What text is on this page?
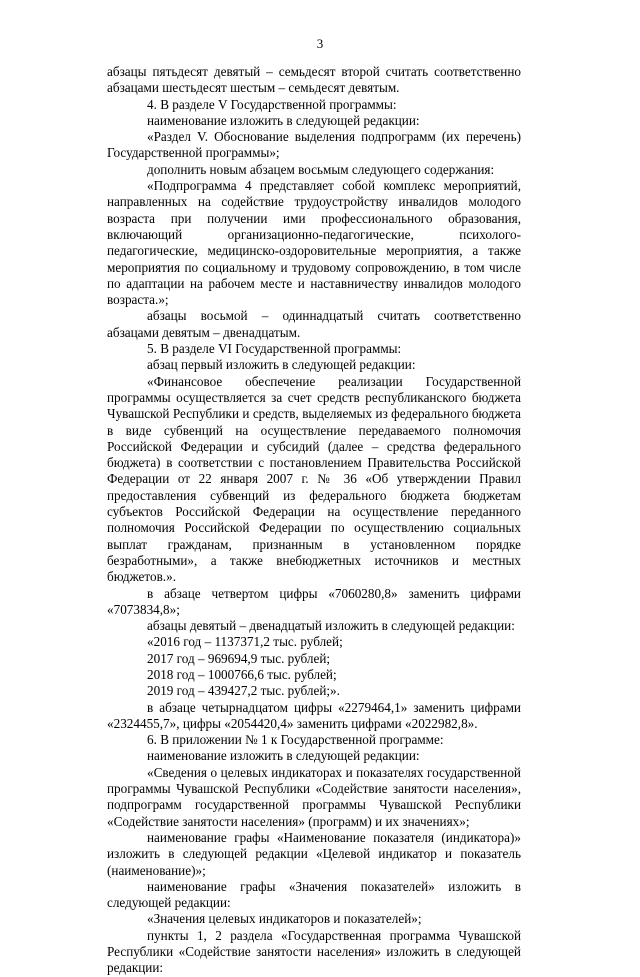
3

абзацы пятьдесят девятый – семьдесят второй считать соответственно абзацами шестьдесят шестым – семьдесят девятым.

4. В разделе V Государственной программы:

наименование изложить в следующей редакции:

«Раздел V. Обоснование выделения подпрограмм (их перечень) Государственной программы»;

дополнить новым абзацем восьмым следующего содержания:

«Подпрограмма 4 представляет собой комплекс мероприятий, направленных на содействие трудоустройству инвалидов молодого возраста при получении ими профессионального образования, включающий организационно-педагогические, психолого-педагогические, медицинско-оздоровительные мероприятия, а также мероприятия по социальному и трудовому сопровождению, в том числе по адаптации на рабочем месте и наставничеству инвалидов молодого возраста.»;

абзацы восьмой – одиннадцатый считать соответственно абзацами девятым – двенадцатым.

5. В разделе VI Государственной программы:

абзац первый изложить в следующей редакции:

«Финансовое обеспечение реализации Государственной программы осуществляется за счет средств республиканского бюджета Чувашской Республики и средств, выделяемых из федерального бюджета в виде субвенций на осуществление передаваемого полномочия Российской Федерации и субсидий (далее – средства федерального бюджета) в соответствии с постановлением Правительства Российской Федерации от 22 января 2007 г. № 36 «Об утверждении Правил предоставления субвенций из федерального бюджета бюджетам субъектов Российской Федерации на осуществление переданного полномочия Российской Федерации по осуществлению социальных выплат гражданам, признанным в установленном порядке безработными», а также внебюджетных источников и местных бюджетов.».

в абзаце четвертом цифры «7060280,8» заменить цифрами «7073834,8»;

абзацы девятый – двенадцатый изложить в следующей редакции:

«2016 год – 1137371,2 тыс. рублей;

2017 год – 969694,9 тыс. рублей;

2018 год – 1000766,6 тыс. рублей;

2019 год – 439427,2 тыс. рублей;».

в абзаце четырнадцатом цифры «2279464,1» заменить цифрами «2324455,7», цифры «2054420,4» заменить цифрами «2022982,8».

6. В приложении № 1 к Государственной программе:

наименование изложить в следующей редакции:

«Сведения о целевых индикаторах и показателях государственной программы Чувашской Республики «Содействие занятости населения», подпрограмм государственной программы Чувашской Республики «Содействие занятости населения» (программ) и их значениях»;

наименование графы «Наименование показателя (индикатора)» изложить в следующей редакции «Целевой индикатор и показатель (наименование)»;

наименование графы «Значения показателей» изложить в следующей редакции:

«Значения целевых индикаторов и показателей»;

пункты 1, 2 раздела «Государственная программа Чувашской Республики «Содействие занятости населения» изложить в следующей редакции:
